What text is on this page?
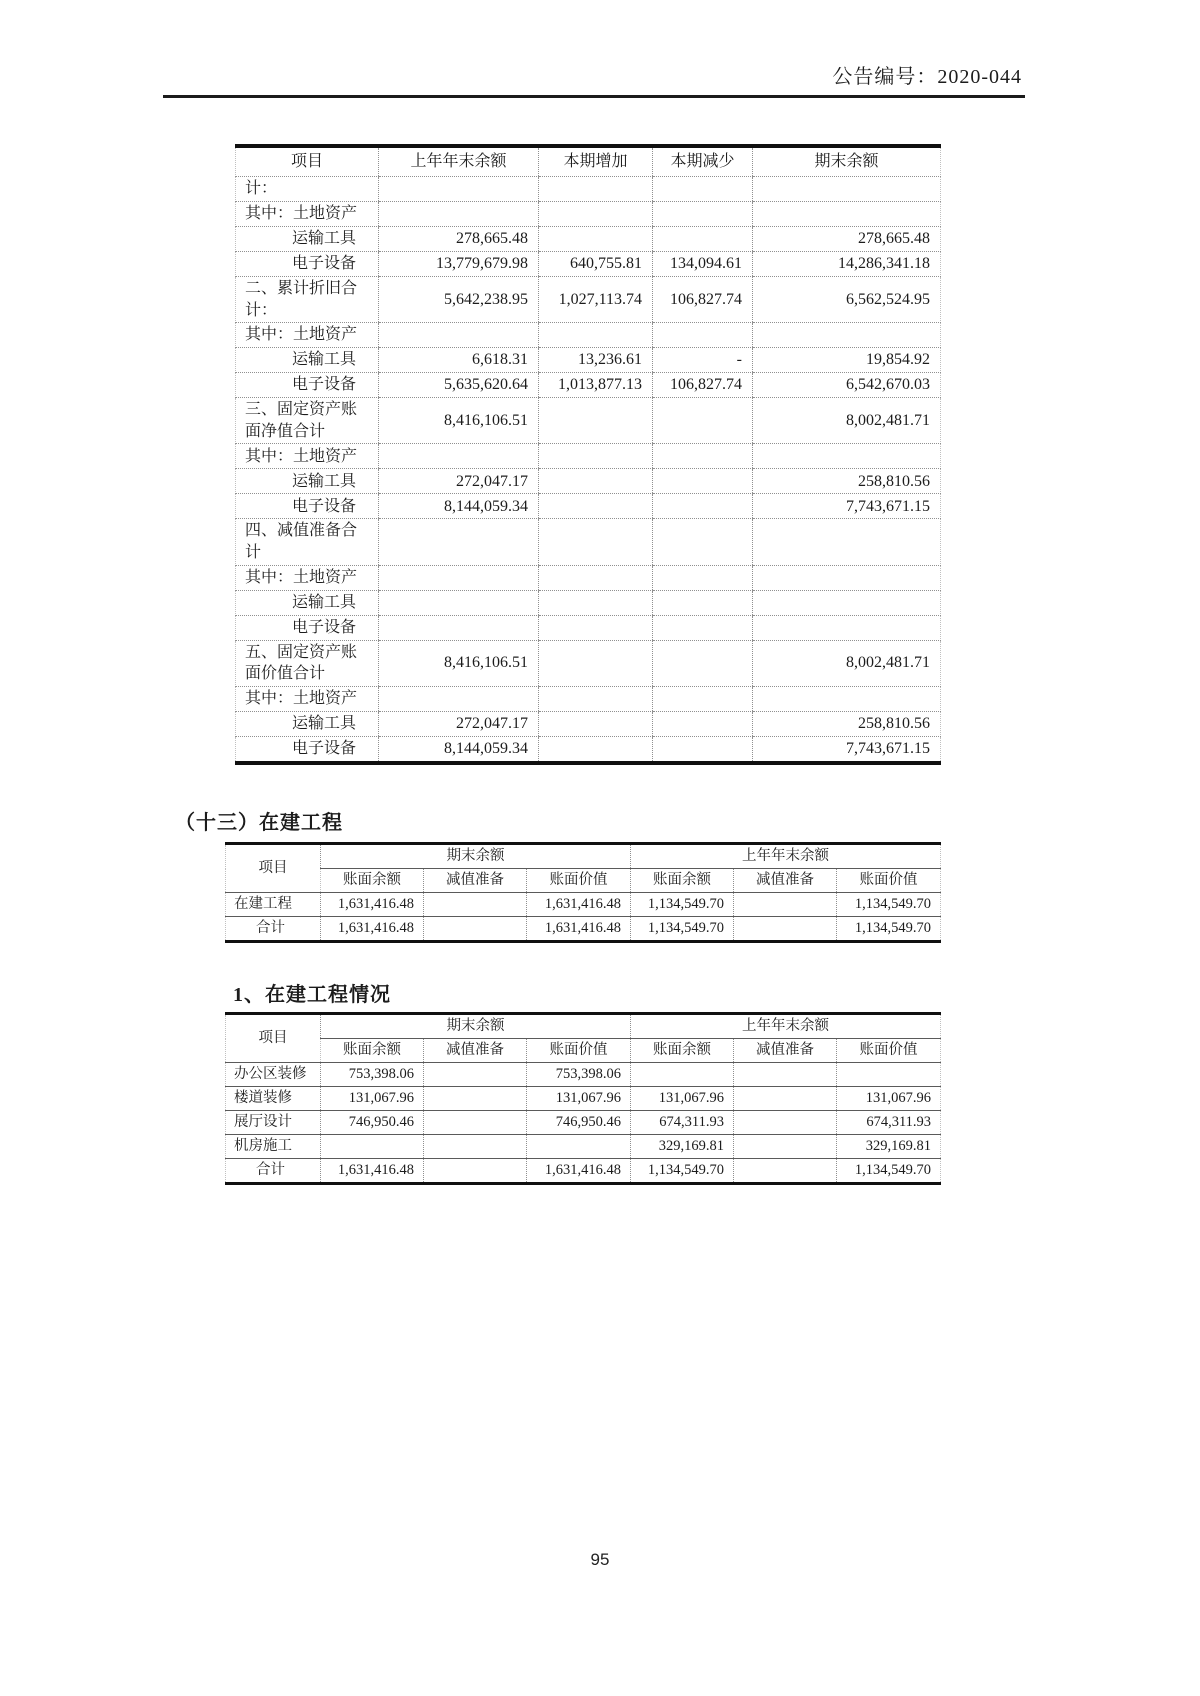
公告编号：2020-044
项目	上年年末余额	本期增加	本期减少	期末余额
计：				
其中：土地资产				
运输工具	278,665.48			278,665.48
电子设备	13,779,679.98	640,755.81	134,094.61	14,286,341.18
二、累计折旧合计：	5,642,238.95	1,027,113.74	106,827.74	6,562,524.95
其中：土地资产				
运输工具	6,618.31	13,236.61	-	19,854.92
电子设备	5,635,620.64	1,013,877.13	106,827.74	6,542,670.03
三、固定资产账面净值合计	8,416,106.51			8,002,481.71
其中：土地资产				
运输工具	272,047.17			258,810.56
电子设备	8,144,059.34			7,743,671.15
四、减值准备合计				
其中：土地资产				
运输工具				
电子设备				
五、固定资产账面价值合计	8,416,106.51			8,002,481.71
其中：土地资产				
运输工具	272,047.17			258,810.56
电子设备	8,144,059.34			7,743,671.15
（十三）在建工程
项目	期末余额			上年年末余额		
	账面余额	减值准备	账面价值	账面余额	减值准备	账面价值
在建工程	1,631,416.48		1,631,416.48	1,134,549.70		1,134,549.70
合计	1,631,416.48		1,631,416.48	1,134,549.70		1,134,549.70
1、在建工程情况
项目	期末余额			上年年末余额		
	账面余额	减值准备	账面价值	账面余额	减值准备	账面价值
办公区装修	753,398.06		753,398.06			
楼道装修	131,067.96		131,067.96	131,067.96		131,067.96
展厅设计	746,950.46		746,950.46	674,311.93		674,311.93
机房施工				329,169.81		329,169.81
合计	1,631,416.48		1,631,416.48	1,134,549.70		1,134,549.70
95
